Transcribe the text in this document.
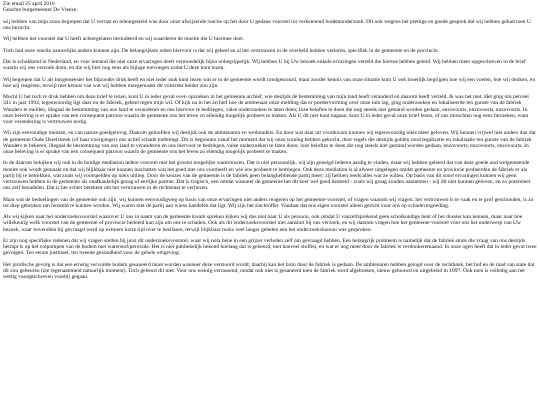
Zie email 25 april 2016

Geachte burgemeester De Vreeze,

wij hebben van mijn zoon begrepen dat U verrast en teleurgesteld was door onze afwijzende reactie op het door U gedane voorstel tot verkennend bodemonderzoek. Dit ook wegens het prettige en goede gesprek dat wij hebben gehad toen U ons bezocht.

Wij hebben het voorstel dat U heeft achtergelaten bestudeerd en wij waarderen de moeite die U hiermee doet.

Toch had onze reactie nauwelijks anders kunnen zijn. De belangrijkste reden hiervoor is dat wij geheel en al het vertrouwen in de overheid hebben verloren, specifiek in de gemeente en de provincie.

Dat is schokkend in Nederland, en voor iemand die niet onze ervaringen deelt vermoedelijk bijna onbegrijpelijk. Wij hebben U bij Uw bezoek enkele ervaringen verteld die hiertoe hebben geleid. Wij hebben meer opgeschreven in de brief waarin wij ons verzoek doen, en die wij hier nog eens als bijlage toevoegen zodat U deze kunt lezen.

Wij begrepen dat U als burgemeester het bijzonder druk heeft en niet ieder stuk kunt lezen wat er in de gemeente wordt rondgestuurd, maar zonder kennis van onze situatie kunt U ook moeilijk begrijpen hoe wij een voelen, hoe wij denken, en hoe wij reageren, terwijl met kennis van wat wij hebben meegemaakt dit volstrekt helder zou zijn.

Mocht U het toch te druk hebben om deze brief te lezen, kunt U in ieder geval even opzoeken in het gemeente archief, wie destijds de bestemming van mijn land heeft veranderd en daarom heeft verteld. Ik was het niet. Het ging om perceel 341 in jaar 1994, tegenwoordig ligt daar nu de fabriek, geheel tegen mijn wil. Of kijk na in het archief hoe de ambtenaar onze melding dat er poedervorming over onze tuin lag, ging onderzoeken en lokaliseerde ten gunste van de fabriek Wanders te melden, illegaal de bestemming van ons land te veranderen en ons hiervoor te bedriegen, valse onderzoeken te laten doen; loze beloftes te doen die nog steeds niet gestand worden gedaan, enzovoorts, enzovoorts, enzovoorts. In onze beleving is er sprake van een consequent patroon waarin de gemeente ons het leven zo ellendig mogelijk probeert te maken. Als U dit niet kunt nagaan, kunt U in ieder geval onze brief lezen, of ons misschien nog eens bezoeken, want voor verandering is vertrouwen nodig.

Wij zijn eenvoudige mensen, en van nature goedgelovig. Daarom geloofden wij destijds ook de ambtenaren en wethouders. En door wat daar uit voortkwam kunnen wij tegenwoordig niets meer geloven. Wij kennen vrijwel niet anders dan dat de gemeente Oude IJsselstreek (of haar voorganger) ons actief schade toebrengt. Dit is begonnen vanaf het moment dat wij onze woning hebben gekocht, door regels die destijds golden rond legalisatie en lokalisatie ten gunste van de fabriek Wanders te bekeren, illegaal de bestemming van ons land te veranderen en ons hiervoor te bedriegen, valse onderzoeken te laten doen; loze beloftes te doen die nog steeds niet gestand worden gedaan, enzovoorts, enzovoorts, enzovoorts. In onze beleving is er sprake van een consequent patroon waarin de gemeente ons het leven zo ellendig mogelijk probeert te maken.

In de daarom bekijken wij ook in de huidige mediation iedere voorstel met het grootst mogelijke wantrouwen. Dat is niet persoonlijk, wij zijn geneigd iederen aardig te vinden, maar wij hebben geleerd dat van deze goede and welgemeende moeite ook wordt gemaakt en dat wij blijkbaar niet kunnen inschatten wat het goed met ons voorheeft en wie ons probeert te bedriegen. Ook deze mediation is al alweer uitgelegen omdat gemeente en provincie probeerden de fabriek er als partij bij te betrekken, wat zoals wij voorspelden op niets uitliep. Door de keuzes van de gemeente is de fabriek geen belanghebbende partij meer; zij hebben reeds alles wat ze willen. Op basis van dit soort ervaringen kunnen wij geen vertrouwen hebben in de gemeente als onafhankelijk gezag of eerlijke partner. Dat is tragisch, een omdat wanneer de gemeente het dit keer wel goed bedoeld - zoals wij graag zouden aannemen - wij dit niet kunnen geloven, en zo potentieel ons zelf benadelen. Dat is het echter betekent om het vertrouwen in de rechtstaat te verliezen.

Maar wat de bedoelingen van de gemeente ook zijn, wij kunnen eenvoudigweg op basis van onze ervaringen niet anders reageren op het gemeente-voorstel, of vragen waarom wij vragen: het vertrouwen is te vaak en te grof geschonden, is zo tot diep gebroken om hersteld te kunnen worden. Wij waren niet de partij aan wiens handelen dat ligt. Wij zijn het slachtoffer. Vandaar dat ons eigen voorstel alleen gericht voor ons op schadevergoeding.

Als wij kijken naar het onderzoeksvoorstel waarover U ons in naam van de gemeente kwam spreken kijken wij dus niet naar U als persoon, ook omdat U vanzelfsprekend geen scholkundige bent of het dossier kan kennen, maar naar hoe willekeurig welk voorstel van de gemeente of provincie bedoeld kan zijn om ons te schaden. Ook als dit onderzoeksvoorstel niet aansluit bij ons verzoek, en wij daarom vragen hoe het gemeente voorstel voor ons het onderwerp van Uw bezoek, waar bovendien bij gevraagd werd op extreem korte tijd over te beslissen, terwijl blijkbaar rooks veel langer geleden een het onderzoeksbureau was gesproken.

Er zijn nog specifieke redenen dat wij vragen stellen bij juist dit onderzoeksvoorstel, waar wij nota bene in een grijzer verleden zelf om gevraagd hebben. Een belangrijk probleem is namelijk dat de fabriek sinds die vraag van ons destijds betrapt is op het volpompen van de bodem met waterstof/peroxide. Het is niet publiekelijk bekend hoelang dat is gebeurd, met hoeveel stoffen, en wat er nog meer door de fabriek is verdonkeremaand. In onze ogen heeft dat in ieder geval twee gevolgen. Ten eerste justitieel, ten tweede gezondheid voor de gehele omgeving.

Het juridische gevolg is dat een ernstig vervuilde bodem gesaneerd moet worden wanneer deze verstoord wordt; daarbij kan het bron door de fabriek is gedaan. De ambtenaren hebben gelogd over de rechtbank, het hof en de raad van state dat dit zou gebeuren (zie regenaanmeld natuurlijk moment). Toch gebeurt dit niet. Voor ons weinig verrassend, omdat ook niet is gesaneerd toen de fabriek werd afgebroken, nieuw gebouwd en uitgebreid in 1997. Ook toen is volledig aan het wettig voorgeschreven voorbij gegaan.
